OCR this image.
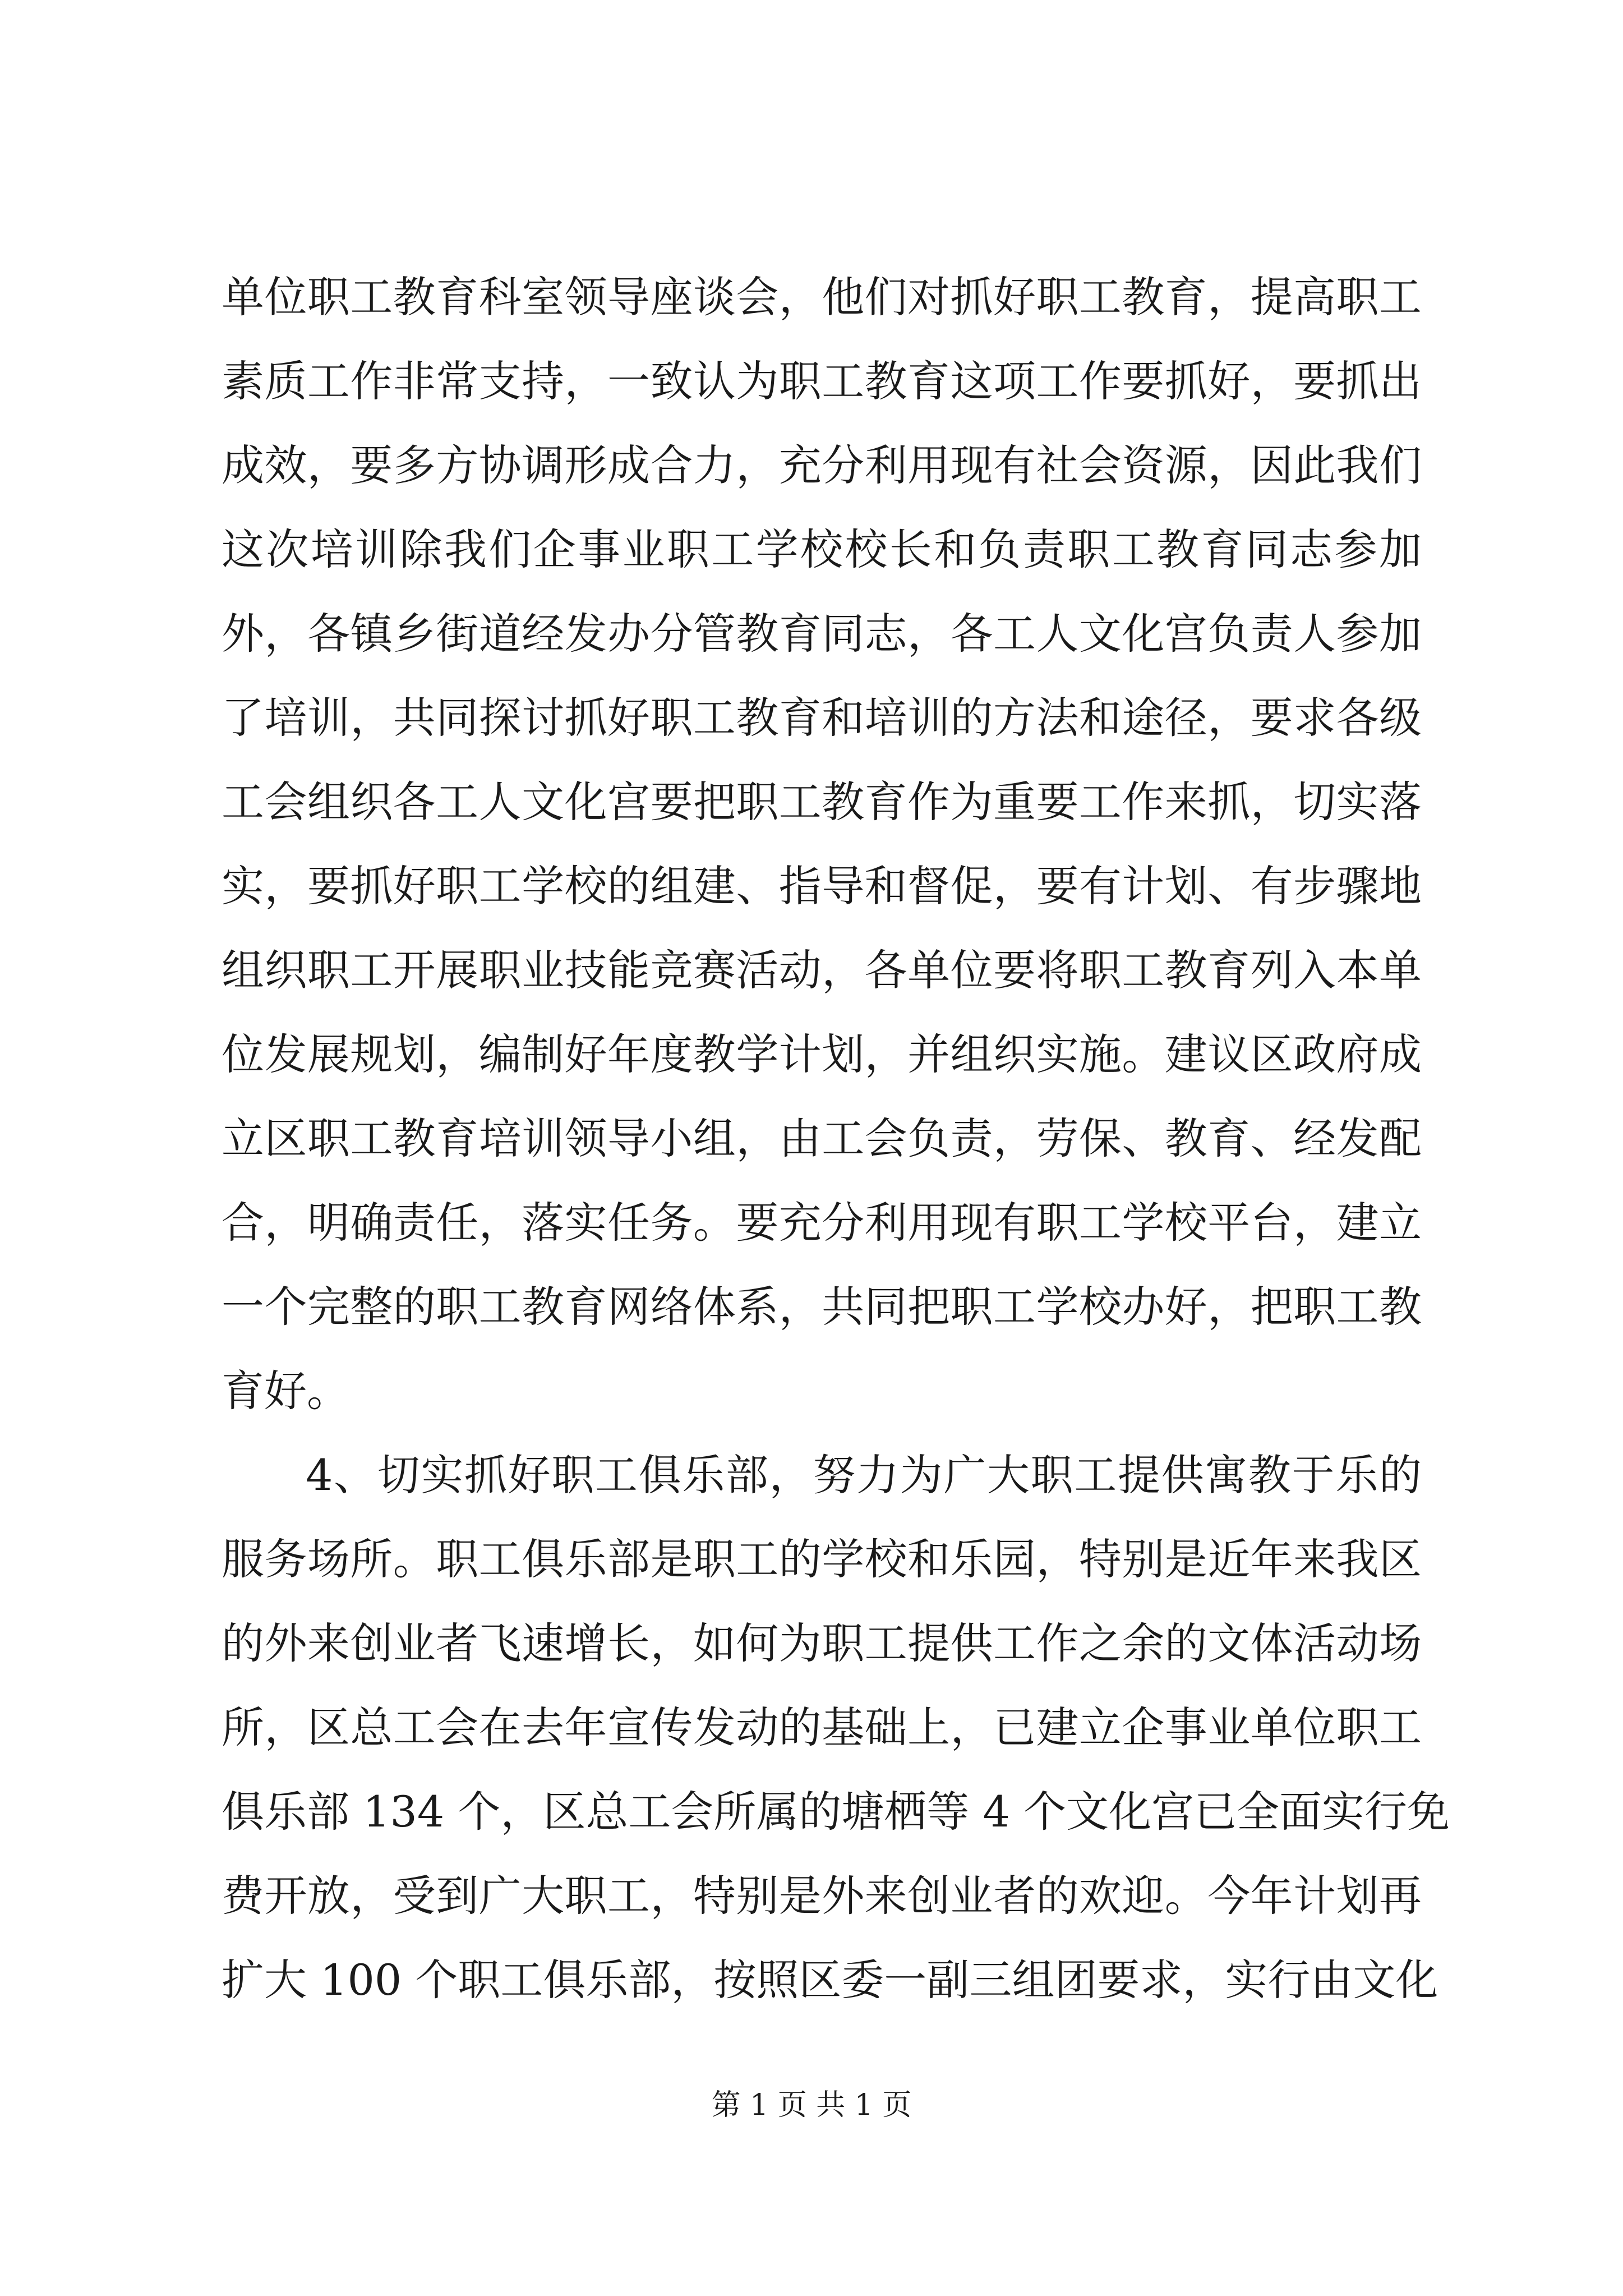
单位职工教育科室领导座谈会，他们对抓好职工教育，提高职工
素质工作非常支持，一致认为职工教育这项工作要抓好，要抓出
成效，要多方协调形成合力，充分利用现有社会资源，因此我们
这次培训除我们企事业职工学校校长和负责职工教育同志参加
外，各镇乡街道经发办分管教育同志，各工人文化宫负责人参加
了培训，共同探讨抓好职工教育和培训的方法和途径，要求各级
工会组织各工人文化宫要把职工教育作为重要工作来抓，切实落
实，要抓好职工学校的组建、指导和督促，要有计划、有步骤地
组织职工开展职业技能竞赛活动，各单位要将职工教育列入本单
位发展规划，编制好年度教学计划，并组织实施。建议区政府成
立区职工教育培训领导小组，由工会负责，劳保、教育、经发配
合，明确责任，落实任务。要充分利用现有职工学校平台，建立
一个完整的职工教育网络体系，共同把职工学校办好，把职工教
育好。
4、切实抓好职工俱乐部，努力为广大职工提供寓教于乐的
服务场所。职工俱乐部是职工的学校和乐园，特别是近年来我区
的外来创业者飞速增长，如何为职工提供工作之余的文体活动场
所，区总工会在去年宣传发动的基础上，已建立企事业单位职工
俱乐部 134 个，区总工会所属的塘栖等 4 个文化宫已全面实行免
费开放，受到广大职工，特别是外来创业者的欢迎。今年计划再
扩大 100 个职工俱乐部，按照区委一副三组团要求，实行由文化
第 1 页 共 1 页
